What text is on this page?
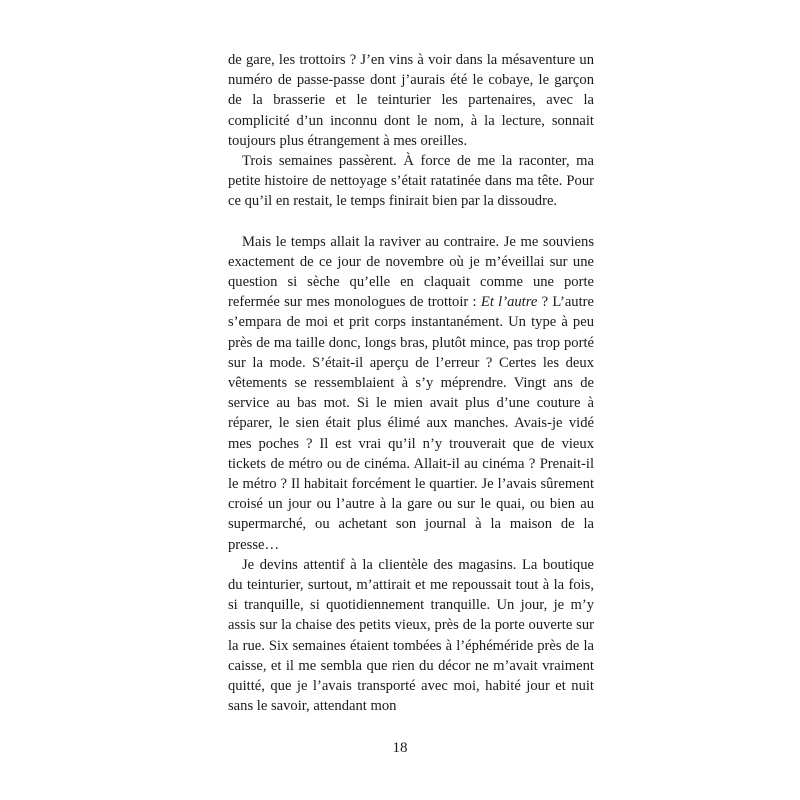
de gare, les trottoirs ? J’en vins à voir dans la mésaventure un numéro de passe-passe dont j’aurais été le cobaye, le garçon de la brasserie et le teinturier les partenaires, avec la complicité d’un inconnu dont le nom, à la lecture, sonnait toujours plus étrangement à mes oreilles.

Trois semaines passèrent. À force de me la raconter, ma petite histoire de nettoyage s’était ratatinée dans ma tête. Pour ce qu’il en restait, le temps finirait bien par la dissoudre.

Mais le temps allait la raviver au contraire. Je me souviens exactement de ce jour de novembre où je m’éveillai sur une question si sèche qu’elle en claquait comme une porte refermée sur mes monologues de trottoir : Et l’autre ? L’autre s’empara de moi et prit corps instantanément. Un type à peu près de ma taille donc, longs bras, plutôt mince, pas trop porté sur la mode. S’était-il aperçu de l’erreur ? Certes les deux vêtements se ressemblaient à s’y méprendre. Vingt ans de service au bas mot. Si le mien avait plus d’une couture à réparer, le sien était plus élimé aux manches. Avais-je vidé mes poches ? Il est vrai qu’il n’y trouverait que de vieux tickets de métro ou de cinéma. Allait-il au cinéma ? Prenait-il le métro ? Il habitait forcément le quartier. Je l’avais sûrement croisé un jour ou l’autre à la gare ou sur le quai, ou bien au supermarché, ou achetant son journal à la maison de la presse…

Je devins attentif à la clientèle des magasins. La boutique du teinturier, surtout, m’attirait et me repoussait tout à la fois, si tranquille, si quotidiennement tranquille. Un jour, je m’y assis sur la chaise des petits vieux, près de la porte ouverte sur la rue. Six semaines étaient tombées à l’éphéméride près de la caisse, et il me sembla que rien du décor ne m’avait vraiment quitté, que je l’avais transporté avec moi, habité jour et nuit sans le savoir, attendant mon

18
